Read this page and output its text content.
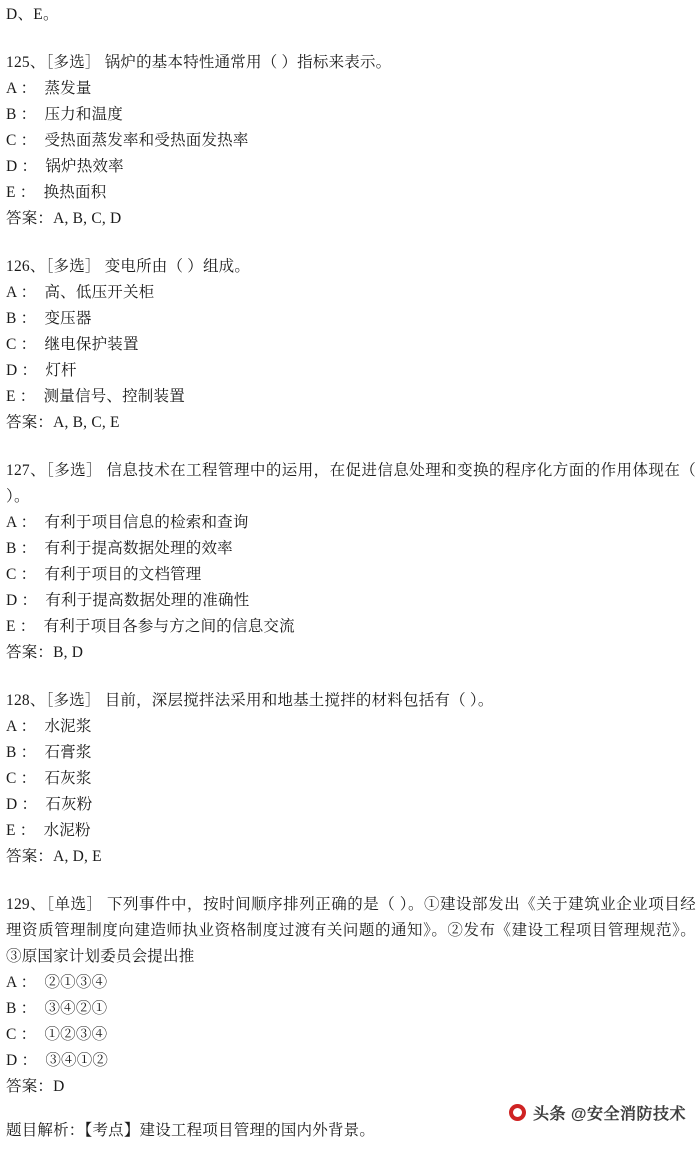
D、E。
125、［多选］ 锅炉的基本特性通常用（ ）指标来表示。
A ：  蒸发量
B ：  压力和温度
C ：  受热面蒸发率和受热面发热率
D ：  锅炉热效率
E ：  换热面积
答案：A, B, C, D
126、［多选］ 变电所由（ ）组成。
A ：  高、低压开关柜
B ：  变压器
C ：  继电保护装置
D ：  灯杆
E ：  测量信号、控制装置
答案：A, B, C, E
127、［多选］ 信息技术在工程管理中的运用，在促进信息处理和变换的程序化方面的作用体现在（ ）。
A ：  有利于项目信息的检索和查询
B ：  有利于提高数据处理的效率
C ：  有利于项目的文档管理
D ：  有利于提高数据处理的准确性
E ：  有利于项目各参与方之间的信息交流
答案：B, D
128、［多选］ 目前，深层搅拌法采用和地基土搅拌的材料包括有（ ）。
A ：  水泥浆
B ：  石膏浆
C ：  石灰浆
D ：  石灰粉
E ：  水泥粉
答案：A, D, E
129、［单选］ 下列事件中，按时间顺序排列正确的是（ ）。①建设部发出《关于建筑业企业项目经理资质管理制度向建造师执业资格制度过渡有关问题的通知》。②发布《建设工程项目管理规范》。③原国家计划委员会提出推
A ：  ②①③④
B ：  ③④②①
C ：  ①②③④
D ：  ③④①②
答案：D
题目解析：【考点】建设工程项目管理的国内外背景。
头条 @安全消防技术
